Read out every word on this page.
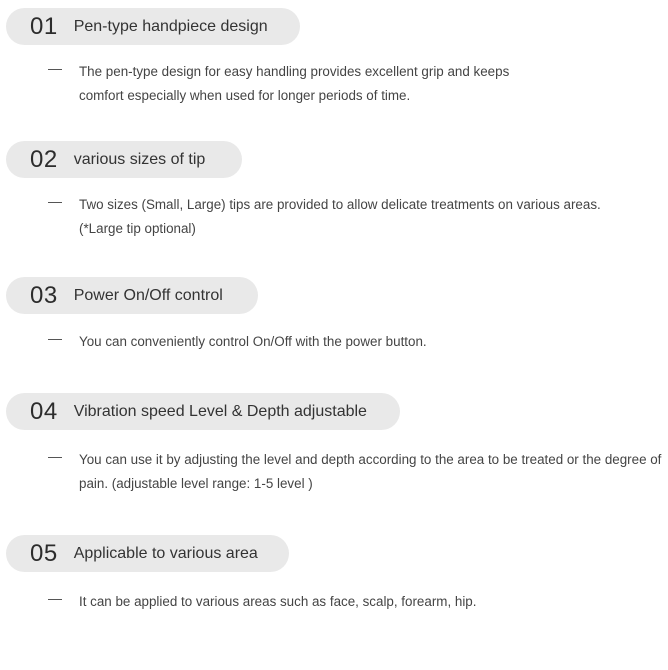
01 Pen-type handpiece design

The pen-type design for easy handling provides excellent grip and keeps
comfort especially when used for longer periods of time.

02 various sizes of tip

Two sizes (Small, Large) tips are provided to allow delicate treatments on various areas.
(*Large tip optional)

03 Power On/Off control

You can conveniently control On/Off with the power button.

04 Vibration speed Level & Depth adjustable

You can use it by adjusting the level and depth according to the area to be treated or the degree of
pain. (adjustable level range: 1-5 level )

05 Applicable to various area

It can be applied to various areas such as face, scalp, forearm, hip.
